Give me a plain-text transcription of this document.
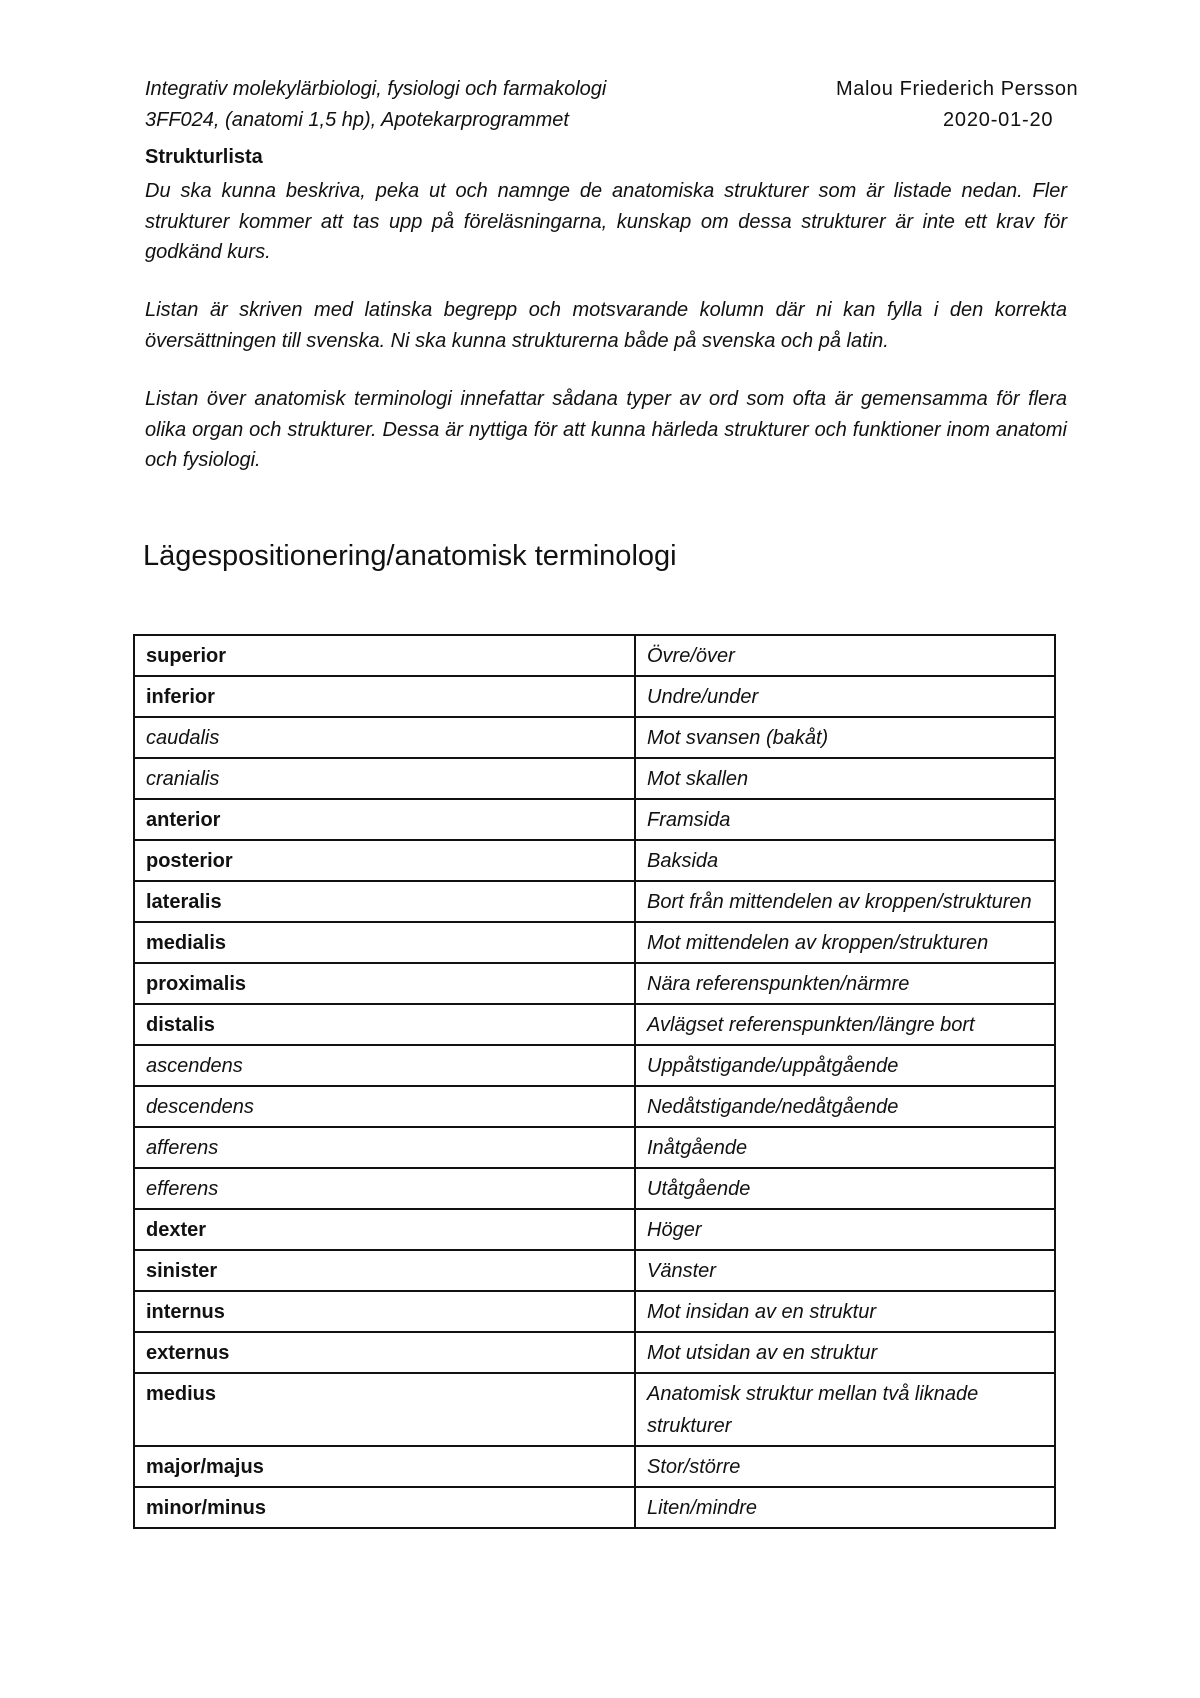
Integrativ molekylärbiologi, fysiologi och farmakologi
3FF024, (anatomi 1,5 hp), Apotekarprogrammet
Malou Friederich Persson
2020-01-20
Strukturlista

Du ska kunna beskriva, peka ut och namnge de anatomiska strukturer som är listade nedan. Fler strukturer kommer att tas upp på föreläsningarna, kunskap om dessa strukturer är inte ett krav för godkänd kurs.

Listan är skriven med latinska begrepp och motsvarande kolumn där ni kan fylla i den korrekta översättningen till svenska. Ni ska kunna strukturerna både på svenska och på latin.

Listan över anatomisk terminologi innefattar sådana typer av ord som ofta är gemensamma för flera olika organ och strukturer. Dessa är nyttiga för att kunna härleda strukturer och funktioner inom anatomi och fysiologi.

Lägespositionering/anatomisk terminologi
superior	Övre/över
inferior	Undre/under
caudalis	Mot svansen (bakåt)
cranialis	Mot skallen
anterior	Framsida
posterior	Baksida
lateralis	Bort från mittendelen av kroppen/strukturen
medialis	Mot mittendelen av kroppen/strukturen
proximalis	Nära referenspunkten/närmre
distalis	Avlägset referenspunkten/längre bort
ascendens	Uppåtstigande/uppåtgående
descendens	Nedåtstigande/nedåtgående
afferens	Inåtgående
efferens	Utåtgående
dexter	Höger
sinister	Vänster
internus	Mot insidan av en struktur
externus	Mot utsidan av en struktur
medius	Anatomisk struktur mellan två liknade strukturer
major/majus	Stor/större
minor/minus	Liten/mindre
